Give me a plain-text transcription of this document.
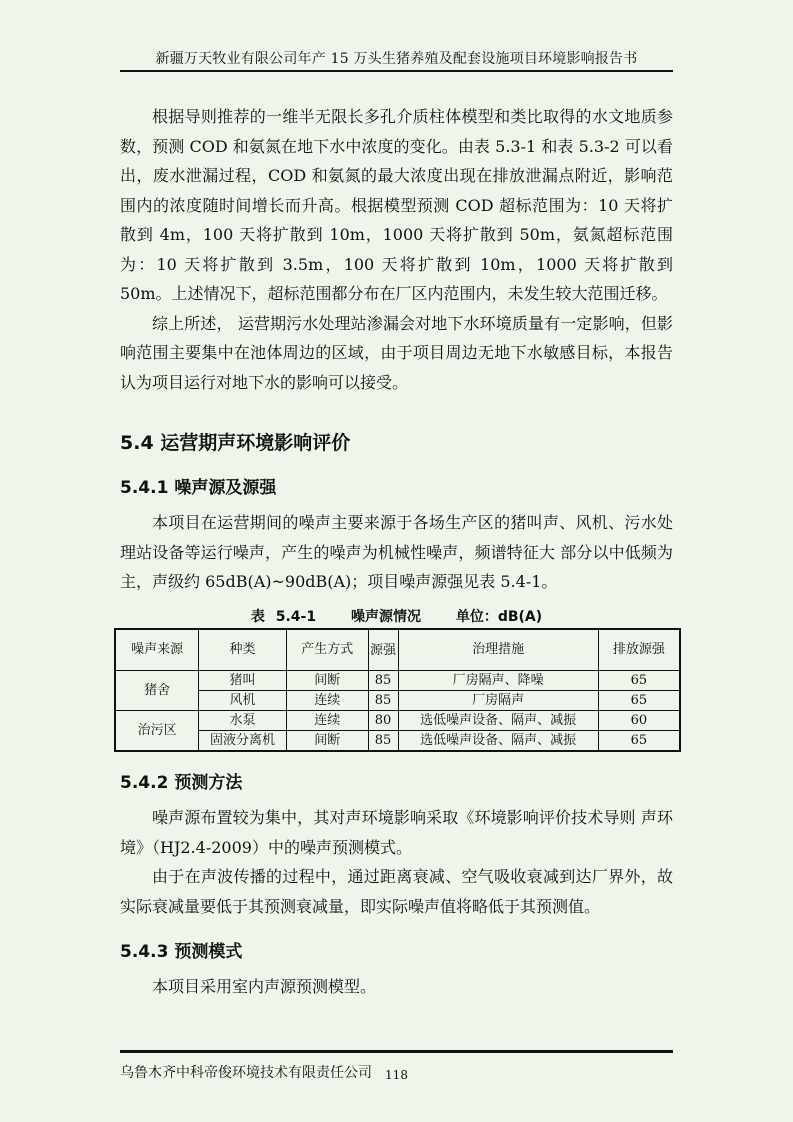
新疆万天牧业有限公司年产 15 万头生猪养殖及配套设施项目环境影响报告书

根据导则推荐的一维半无限长多孔介质柱体模型和类比取得的水文地质参数，预测 COD 和氨氮在地下水中浓度的变化。由表 5.3-1 和表 5.3-2 可以看出，废水泄漏过程，COD 和氨氮的最大浓度出现在排放泄漏点附近，影响范围内的浓度随时间增长而升高。根据模型预测 COD 超标范围为：10 天将扩散到 4m，100 天将扩散到 10m，1000 天将扩散到 50m，氨氮超标范围为：10 天将扩散到 3.5m，100 天将扩散到 10m，1000 天将扩散到 50m。上述情况下，超标范围都分布在厂区内范围内，未发生较大范围迁移。

综上所述， 运营期污水处理站渗漏会对地下水环境质量有一定影响，但影响范围主要集中在池体周边的区域，由于项目周边无地下水敏感目标，本报告认为项目运行对地下水的影响可以接受。

5.4 运营期声环境影响评价
5.4.1 噪声源及源强

本项目在运营期间的噪声主要来源于各场生产区的猪叫声、风机、污水处理站设备等运行噪声，产生的噪声为机械性噪声，频谱特征大 部分以中低频为主，声级约 65dB(A)~90dB(A)；项目噪声源强见表 5.4-1。

表 5.4-1 噪声源情况 单位：dB(A)
噪声来源	种类	产生方式	源强	治理措施	排放源强
猪舍	猪叫	间断	85	厂房隔声、降噪	65
	风机	连续	85	厂房隔声	65
治污区	水泵	连续	80	选低噪声设备、隔声、减振	60
	固液分离机	间断	85	选低噪声设备、隔声、减振	65
5.4.2 预测方法

噪声源布置较为集中，其对声环境影响采取《环境影响评价技术导则 声环境》（HJ2.4-2009）中的噪声预测模式。

由于在声波传播的过程中，通过距离衰减、空气吸收衰减到达厂界外，故实际衰减量要低于其预测衰减量，即实际噪声值将略低于其预测值。

5.4.3 预测模式

本项目采用室内声源预测模型。

乌鲁木齐中科帝俊环境技术有限责任公司	118
